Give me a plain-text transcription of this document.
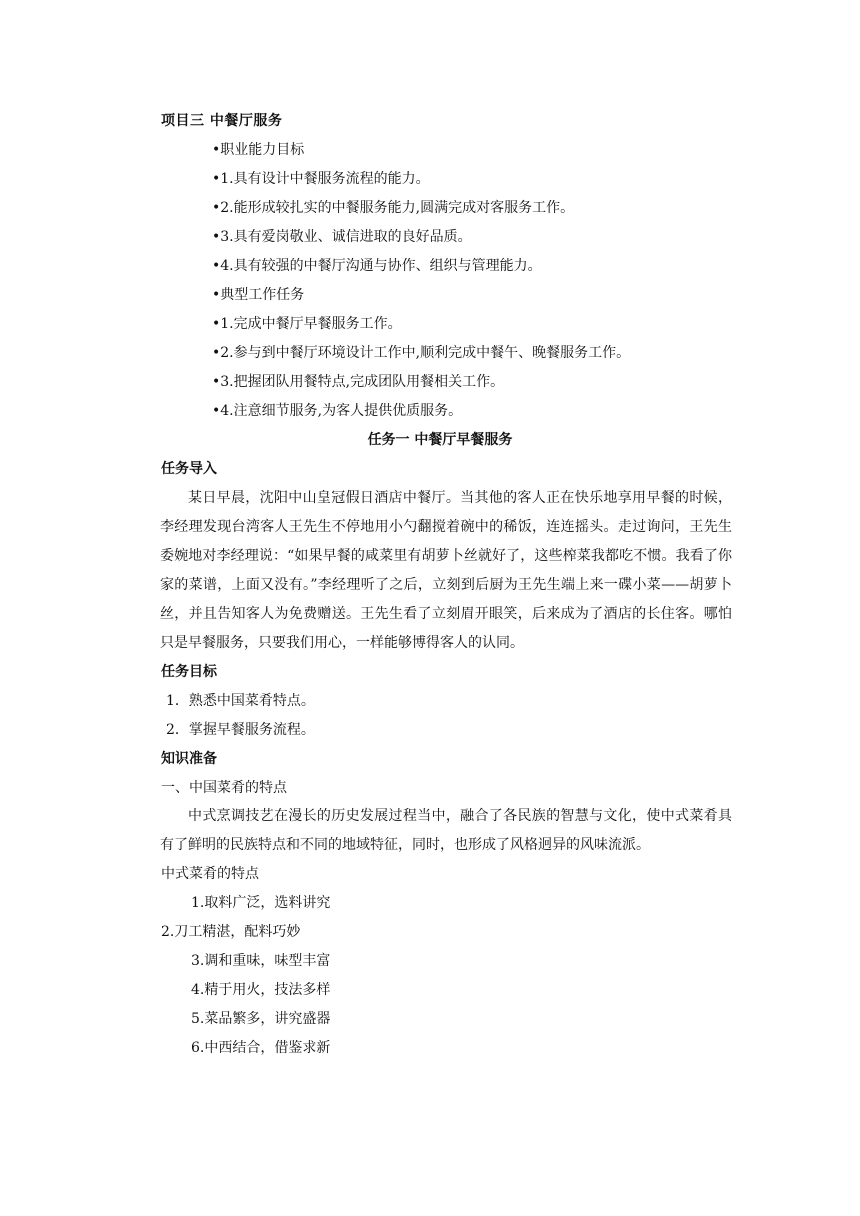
项目三 中餐厅服务
•职业能力目标
•1.具有设计中餐服务流程的能力。
•2.能形成较扎实的中餐服务能力,圆满完成对客服务工作。
•3.具有爱岗敬业、诚信进取的良好品质。
•4.具有较强的中餐厅沟通与协作、组织与管理能力。
•典型工作任务
•1.完成中餐厅早餐服务工作。
•2.参与到中餐厅环境设计工作中,顺利完成中餐午、晚餐服务工作。
•3.把握团队用餐特点,完成团队用餐相关工作。
•4.注意细节服务,为客人提供优质服务。
任务一 中餐厅早餐服务
任务导入
某日早晨，沈阳中山皇冠假日酒店中餐厅。当其他的客人正在快乐地享用早餐的时候，李经理发现台湾客人王先生不停地用小勺翻搅着碗中的稀饭，连连摇头。走过询问，王先生委婉地对李经理说：“如果早餐的咸菜里有胡萝卜丝就好了，这些榨菜我都吃不惯。我看了你家的菜谱，上面又没有。”李经理听了之后，立刻到后厨为王先生端上来一碟小菜——胡萝卜丝，并且告知客人为免费赠送。王先生看了立刻眉开眼笑，后来成为了酒店的长住客。哪怕只是早餐服务，只要我们用心，一样能够博得客人的认同。
任务目标
1．熟悉中国菜肴特点。
2．掌握早餐服务流程。
知识准备
一、中国菜肴的特点
中式烹调技艺在漫长的历史发展过程当中，融合了各民族的智慧与文化，使中式菜肴具有了鲜明的民族特点和不同的地域特征，同时，也形成了风格迥异的风味流派。
中式菜肴的特点
1.取料广泛，选料讲究
2.刀工精湛，配料巧妙
3.调和重味，味型丰富
4.精于用火，技法多样
5.菜品繁多，讲究盛器
6.中西结合，借鉴求新
